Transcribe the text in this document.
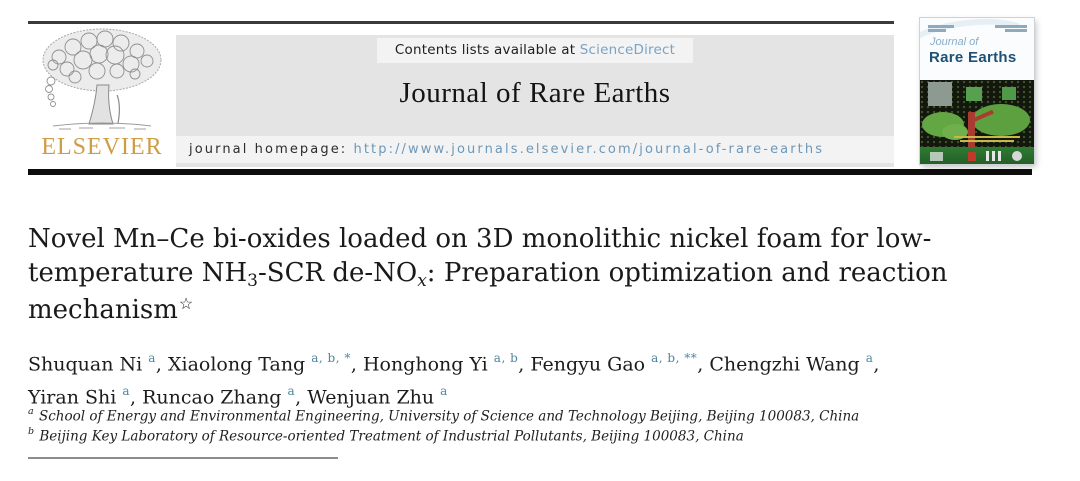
ELSEVIER
Contents lists available at ScienceDirect
Journal of Rare Earths
journal homepage: http://www.journals.elsevier.com/journal-of-rare-earths
Journal of
Rare Earths
Novel Mn–Ce bi-oxides loaded on 3D monolithic nickel foam for low-
temperature $NH_3$-SCR $de-NO_x$: Preparation optimization and reaction
mechanism☆
Shuquan Ni $^a$, Xiaolong Tang $^{a, b, *}$, Honghong Yi $^{a, b}$, Fengyu Gao $^{a, b, **}$, Chengzhi Wang $^a$,
Yiran Shi $^a$, Runcao Zhang $^a$, Wenjuan Zhu $^a$
$^a$ School of Energy and Environmental Engineering, University of Science and Technology Beijing, Beijing 100083, China
$^b$ Beijing Key Laboratory of Resource-oriented Treatment of Industrial Pollutants, Beijing 100083, China
